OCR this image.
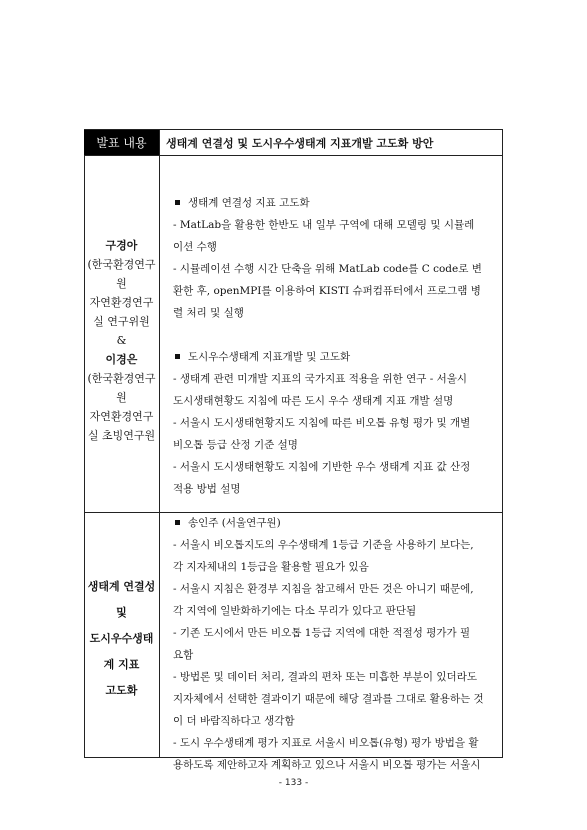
발표 내용	생태계 연결성 및 도시우수생태계 지표개발 고도화 방안
구경아
(한국환경연구
원
자연환경연구
실 연구위원
&
이경은
(한국환경연구
원
자연환경연구
실 초빙연구원
생태계 연결성 지표 고도화
- MatLab을 활용한 한반도 내 일부 구역에 대해 모델링 및 시뮬레
이션 수행
- 시뮬레이션 수행 시간 단축을 위해 MatLab code를 C code로 변
환한 후, openMPI를 이용하여 KISTI 슈퍼컴퓨터에서 프로그램 병
렬 처리 및 실행

도시우수생태계 지표개발 및 고도화
- 생태계 관련 미개발 지표의 국가지표 적용을 위한 연구 - 서울시
도시생태현황도 지침에 따른 도시 우수 생태계 지표 개발 설명
- 서울시 도시생태현황지도 지침에 따른 비오톱 유형 평가 및 개별
비오톱 등급 산정 기준 설명
- 서울시 도시생태현황도 지침에 기반한 우수 생태계 지표 값 산정
적용 방법 설명
생태계 연결성
및
도시우수생태
계 지표
고도화
송인주 (서울연구원)
- 서울시 비오톱지도의 우수생태계 1등급 기준을 사용하기 보다는,
각 지자체내의 1등급을 활용할 필요가 있음
- 서울시 지침은 환경부 지침을 참고해서 만든 것은 아니기 때문에,
각 지역에 일반화하기에는 다소 무리가 있다고 판단됨
- 기존 도시에서 만든 비오톱 1등급 지역에 대한 적절성 평가가 필
요함
- 방법론 및 데이터 처리, 결과의 편차 또는 미흡한 부분이 있더라도
지자체에서 선택한 결과이기 때문에 해당 결과를 그대로 활용하는 것
이 더 바람직하다고 생각함
- 도시 우수생태계 평가 지표로 서울시 비오톱(유형) 평가 방법을 활
용하도록 제안하고자 계획하고 있으나 서울시 비오톱 평가는 서울시
- 133 -
